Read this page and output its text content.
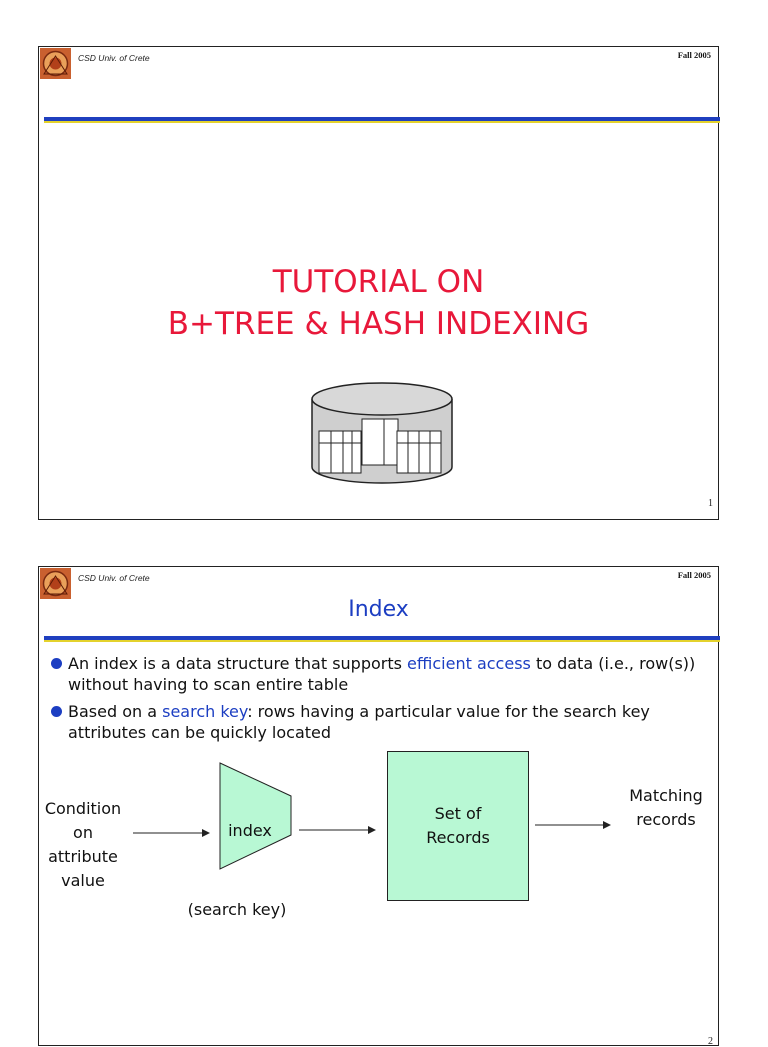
CSD Univ. of Crete	Fall 2005
TUTORIAL ON
B+TREE & HASH INDEXING
1
CSD Univ. of Crete	Fall 2005
Index
An index is a data structure that supports efficient access to data (i.e., row(s)) without having to scan entire table
Based on a search key: rows having a particular value for the search key attributes can be quickly located
Condition
on
attribute
value
index
(search key)
Set of
Records
Matching
records
2
